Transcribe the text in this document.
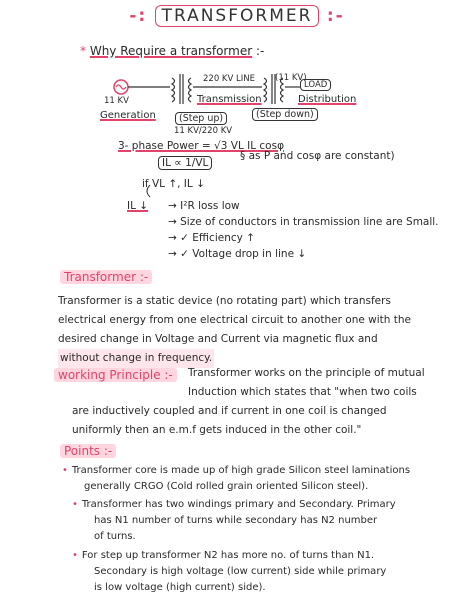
-: TRANSFORMER :-
* Why Require a transformer :-
11 KV
Generation
220 KV LINE
Transmission
(11 KV)
LOAD
Distribution
(Step up)
11 KV/220 KV
(Step down)
3- phase Power = √3 VL IL cosφ
IL ∝ 1/VL
§ as P and cosφ are constant)
if VL ↑, IL ↓
IL ↓ → I²R loss low
→ Size of conductors in transmission line are Small.
→ ✓ Efficiency ↑
→ ✓ Voltage drop in line ↓
Transformer :-
Transformer is a static device (no rotating part) which transfers
electrical energy from one electrical circuit to another one with the
desired change in Voltage and Current via magnetic flux and
without change in frequency.
working Principle :-	Transformer works on the principle of mutual
Induction which states that "when two coils
are inductively coupled and if current in one coil is changed
uniformly then an e.m.f gets induced in the other coil."
Points :-
• Transformer core is made up of high grade Silicon steel laminations
generally CRGO (Cold rolled grain oriented Silicon steel).
• Transformer has two windings primary and Secondary. Primary
has N1 number of turns while secondary has N2 number
of turns.
• For step up transformer N2 has more no. of turns than N1.
Secondary is high voltage (low current) side while primary
is low voltage (high current) side).
